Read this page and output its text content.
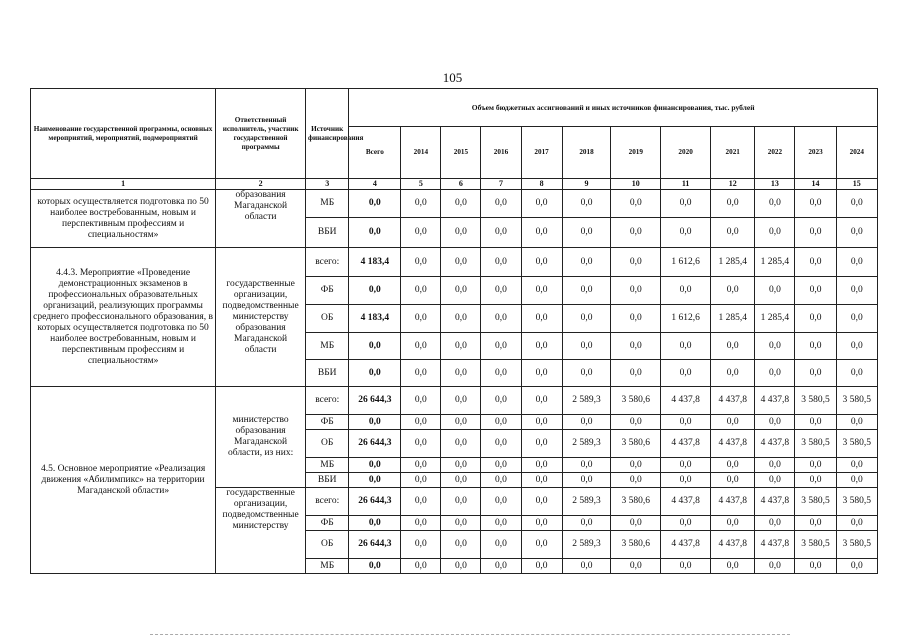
105
Наименование государственной программы, основных мероприятий, мероприятий, подмероприятий	Ответственный исполнитель, участник государственной программы	Источник финансирования	Объем бюджетных ассигнований и иных источников финансирования, тыс. рублей											
			Всего	2014	2015	2016	2017	2018	2019	2020	2021	2022	2023	2024
1	2	3	4	5	6	7	8	9	10	11	12	13	14	15
которых осуществляется подготовка по 50 наиболее востребованным, новым и перспективным профессиям и специальностям»	образования Магаданской области	МБ	0,0	0,0	0,0	0,0	0,0	0,0	0,0	0,0	0,0	0,0	0,0	0,0
		ВБИ	0,0	0,0	0,0	0,0	0,0	0,0	0,0	0,0	0,0	0,0	0,0	0,0
4.4.3. Мероприятие «Проведение демонстрационных экзаменов в профессиональных образовательных организаций, реализующих программы среднего профессионального образования, в которых осуществляется подготовка по 50 наиболее востребованным, новым и перспективным профессиям и специальностям»	государственные организации, подведомственные министерству образования Магаданской области	всего:	4 183,4	0,0	0,0	0,0	0,0	0,0	0,0	1 612,6	1 285,4	1 285,4	0,0	0,0
		ФБ	0,0	0,0	0,0	0,0	0,0	0,0	0,0	0,0	0,0	0,0	0,0	0,0
		ОБ	4 183,4	0,0	0,0	0,0	0,0	0,0	0,0	1 612,6	1 285,4	1 285,4	0,0	0,0
		МБ	0,0	0,0	0,0	0,0	0,0	0,0	0,0	0,0	0,0	0,0	0,0	0,0
		ВБИ	0,0	0,0	0,0	0,0	0,0	0,0	0,0	0,0	0,0	0,0	0,0	0,0
4.5. Основное мероприятие «Реализация движения «Абилимпикс» на территории Магаданской области»	министерство образования Магаданской области, из них:	всего:	26 644,3	0,0	0,0	0,0	0,0	2 589,3	3 580,6	4 437,8	4 437,8	4 437,8	3 580,5	3 580,5
		ФБ	0,0	0,0	0,0	0,0	0,0	0,0	0,0	0,0	0,0	0,0	0,0	0,0
		ОБ	26 644,3	0,0	0,0	0,0	0,0	2 589,3	3 580,6	4 437,8	4 437,8	4 437,8	3 580,5	3 580,5
		МБ	0,0	0,0	0,0	0,0	0,0	0,0	0,0	0,0	0,0	0,0	0,0	0,0
		ВБИ	0,0	0,0	0,0	0,0	0,0	0,0	0,0	0,0	0,0	0,0	0,0	0,0
	государственные организации, подведомственные министерству	всего:	26 644,3	0,0	0,0	0,0	0,0	2 589,3	3 580,6	4 437,8	4 437,8	4 437,8	3 580,5	3 580,5
		ФБ	0,0	0,0	0,0	0,0	0,0	0,0	0,0	0,0	0,0	0,0	0,0	0,0
		ОБ	26 644,3	0,0	0,0	0,0	0,0	2 589,3	3 580,6	4 437,8	4 437,8	4 437,8	3 580,5	3 580,5
		МБ	0,0	0,0	0,0	0,0	0,0	0,0	0,0	0,0	0,0	0,0	0,0	0,0
